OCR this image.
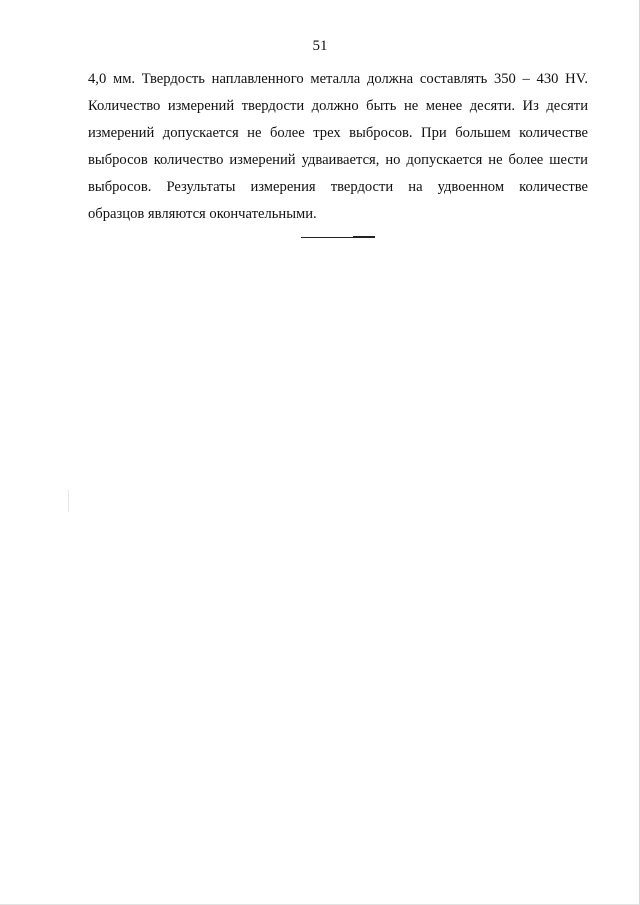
51
4,0 мм. Твердость наплавленного металла должна составлять 350 – 430 HV.
Количество измерений твердости должно быть не менее десяти. Из десяти
измерений допускается не более трех выбросов. При большем количестве
выбросов количество измерений удваивается, но допускается не более шести
выбросов. Результаты измерения твердости на удвоенном количестве
образцов являются окончательными.
